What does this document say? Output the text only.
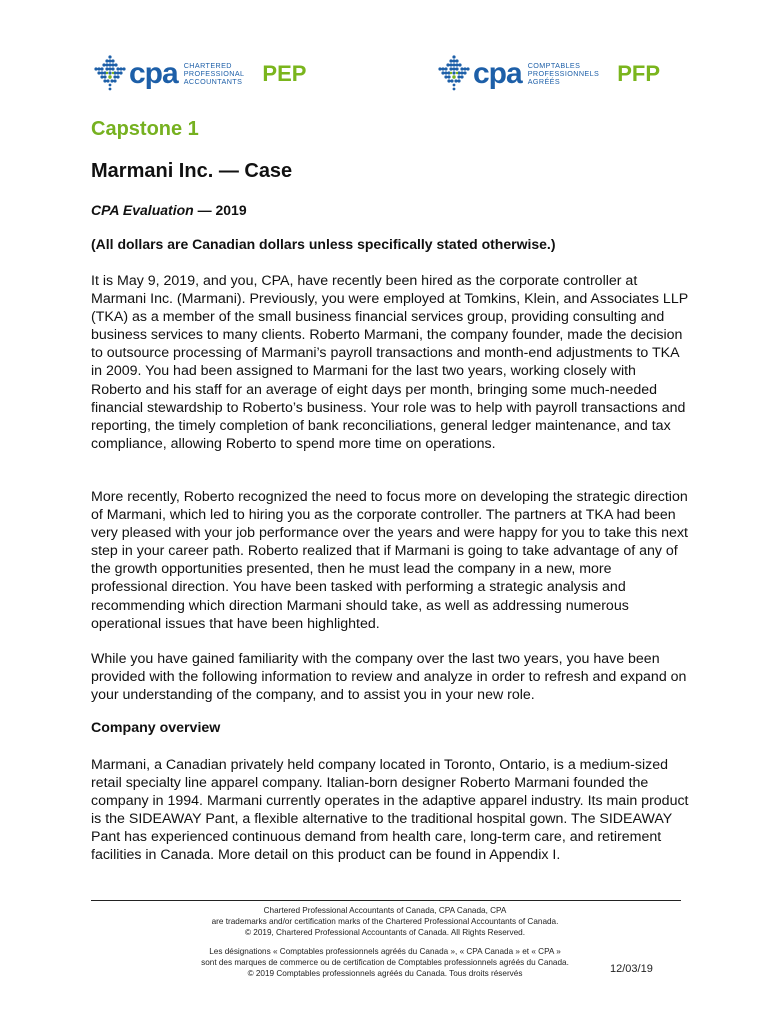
cpa CHARTERED
PROFESSIONAL
ACCOUNTANTS PEP	cpa COMPTABLES
PROFESSIONNELS
AGRÉÉS	PFP
Capstone 1
Marmani Inc. — Case
CPA Evaluation — 2019
(All dollars are Canadian dollars unless specifically stated otherwise.)

It is May 9, 2019, and you, CPA, have recently been hired as the corporate controller at Marmani Inc. (Marmani). Previously, you were employed at Tomkins, Klein, and Associates LLP (TKA) as a member of the small business financial services group, providing consulting and business services to many clients. Roberto Marmani, the company founder, made the decision to outsource processing of Marmani’s payroll transactions and month-end adjustments to TKA in 2009. You had been assigned to Marmani for the last two years, working closely with Roberto and his staff for an average of eight days per month, bringing some much-needed financial stewardship to Roberto’s business. Your role was to help with payroll transactions and reporting, the timely completion of bank reconciliations, general ledger maintenance, and tax compliance, allowing Roberto to spend more time on operations.

More recently, Roberto recognized the need to focus more on developing the strategic direction of Marmani, which led to hiring you as the corporate controller. The partners at TKA had been very pleased with your job performance over the years and were happy for you to take this next step in your career path. Roberto realized that if Marmani is going to take advantage of any of the growth opportunities presented, then he must lead the company in a new, more professional direction. You have been tasked with performing a strategic analysis and recommending which direction Marmani should take, as well as addressing numerous operational issues that have been highlighted.

While you have gained familiarity with the company over the last two years, you have been provided with the following information to review and analyze in order to refresh and expand on your understanding of the company, and to assist you in your new role.

Company overview

Marmani, a Canadian privately held company located in Toronto, Ontario, is a medium-sized retail specialty line apparel company. Italian-born designer Roberto Marmani founded the company in 1994. Marmani currently operates in the adaptive apparel industry. Its main product is the SIDEAWAY Pant, a flexible alternative to the traditional hospital gown. The SIDEAWAY Pant has experienced continuous demand from health care, long-term care, and retirement facilities in Canada. More detail on this product can be found in Appendix I.

Chartered Professional Accountants of Canada, CPA Canada, CPA
are trademarks and/or certification marks of the Chartered Professional Accountants of Canada.
© 2019, Chartered Professional Accountants of Canada. All Rights Reserved.
Les désignations « Comptables professionnels agréés du Canada », « CPA Canada » et « CPA »
sont des marques de commerce ou de certification de Comptables professionnels agréés du Canada.
© 2019 Comptables professionnels agréés du Canada. Tous droits réservés	12/03/19
